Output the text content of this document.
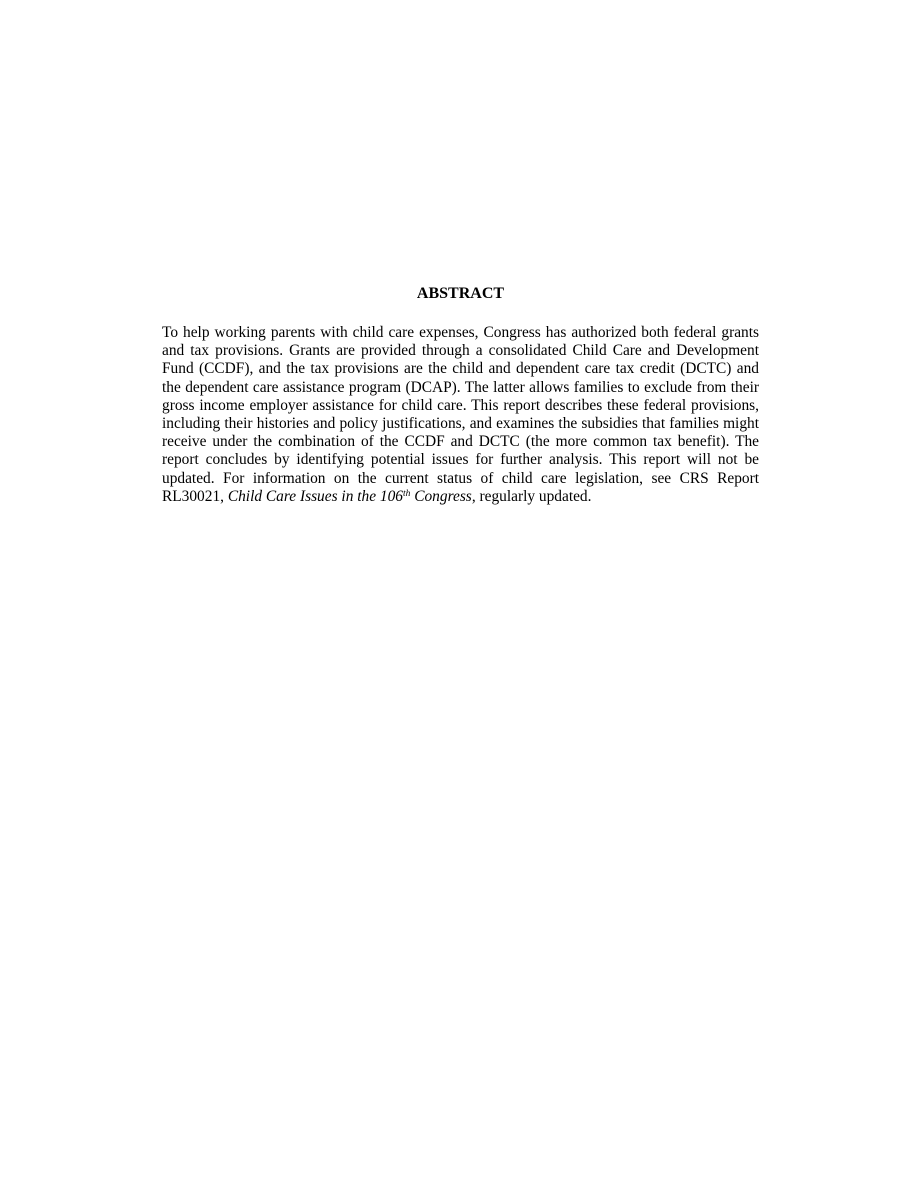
ABSTRACT

To help working parents with child care expenses, Congress has authorized both federal grants and tax provisions. Grants are provided through a consolidated Child Care and Development Fund (CCDF), and the tax provisions are the child and dependent care tax credit (DCTC) and the dependent care assistance program (DCAP). The latter allows families to exclude from their gross income employer assistance for child care. This report describes these federal provisions, including their histories and policy justifications, and examines the subsidies that families might receive under the combination of the CCDF and DCTC (the more common tax benefit). The report concludes by identifying potential issues for further analysis. This report will not be updated. For information on the current status of child care legislation, see CRS Report RL30021, Child Care Issues in the 106th Congress, regularly updated.
